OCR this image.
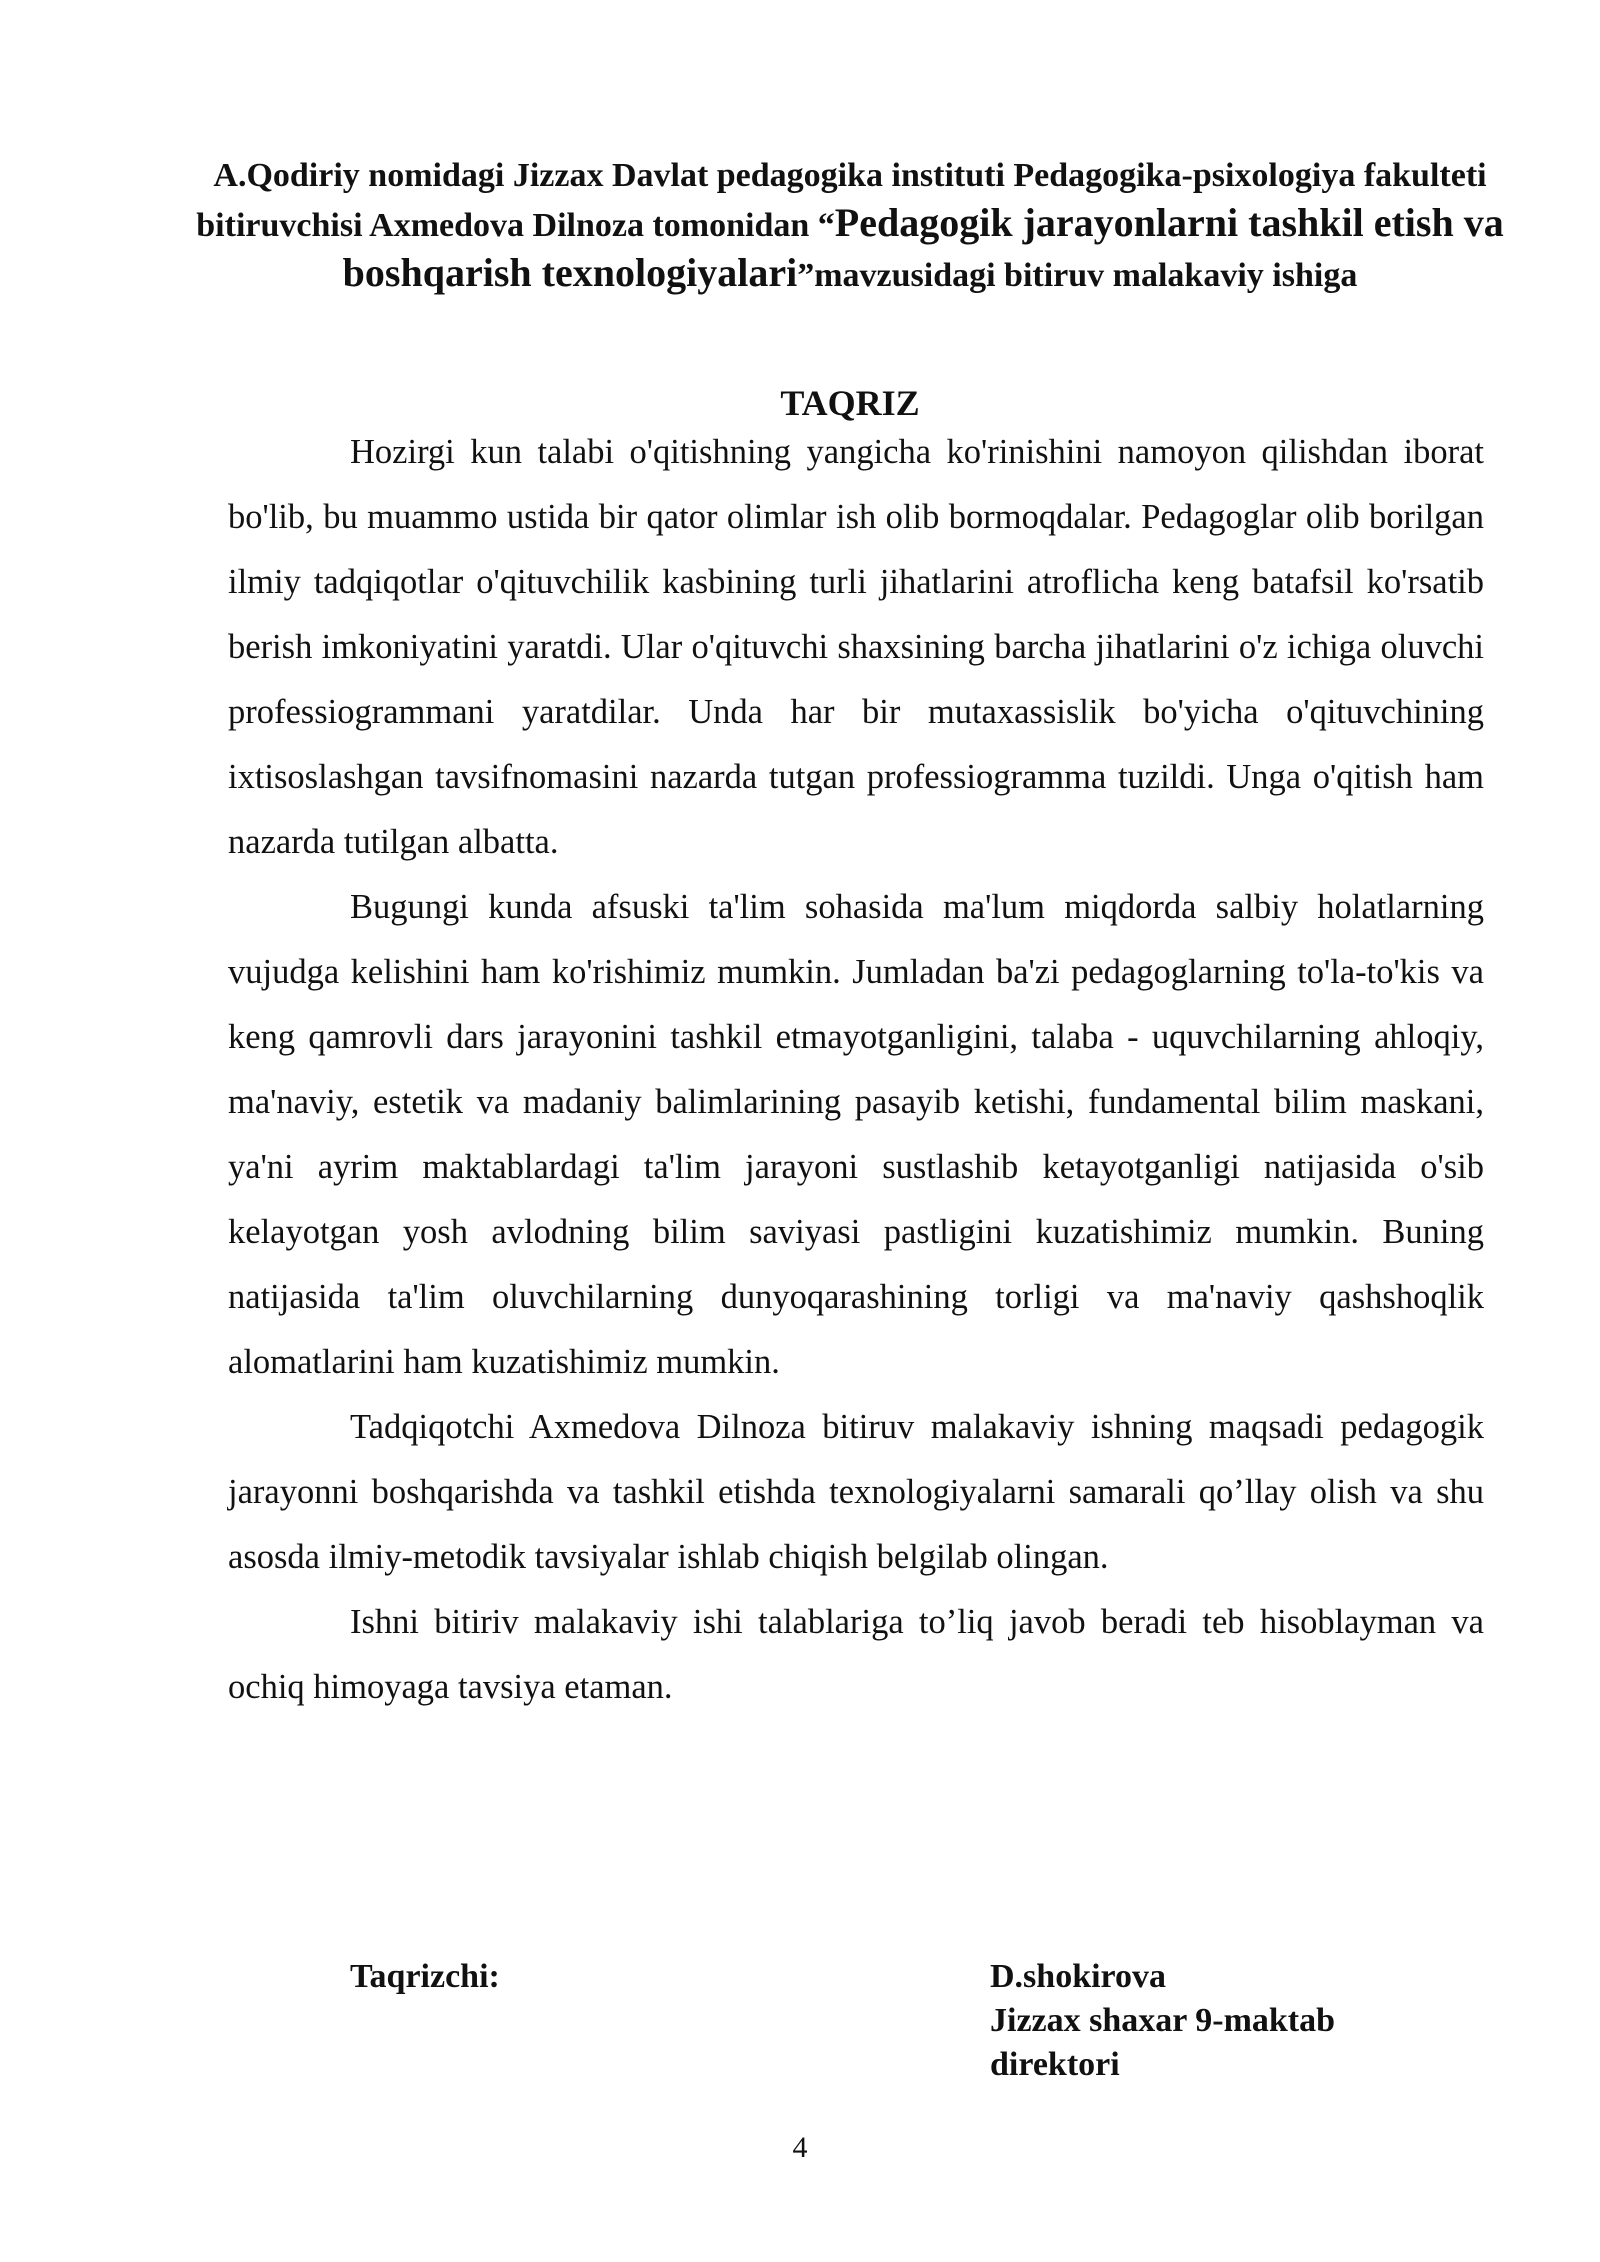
A.Qodiriy nomidagi Jizzax Davlat pedagogika instituti Pedagogika-psixologiya fakulteti bitiruvchisi Axmedova Dilnoza tomonidan “Pedagogik jarayonlarni tashkil etish va boshqarish texnologiyalari”mavzusidagi bitiruv malakaviy ishiga
TAQRIZ

Hozirgi kun talabi o'qitishning yangicha ko'rinishini namoyon qilishdan iborat bo'lib, bu muammo ustida bir qator olimlar ish olib bormoqdalar. Pedagoglar olib borilgan ilmiy tadqiqotlar o'qituvchilik kasbining turli jihatlarini atroflicha keng batafsil ko'rsatib berish imkoniyatini yaratdi. Ular o'qituvchi shaxsining barcha jihatlarini o'z ichiga oluvchi professiogrammani yaratdilar. Unda har bir mutaxassislik bo'yicha o'qituvchining ixtisoslashgan tavsifnomasini nazarda tutgan professiogramma tuzildi. Unga o'qitish ham nazarda tutilgan albatta.

Bugungi kunda afsuski ta'lim sohasida ma'lum miqdorda salbiy holatlarning vujudga kelishini ham ko'rishimiz mumkin. Jumladan ba'zi pedagoglarning to'la-to'kis va keng qamrovli dars jarayonini tashkil etmayotganligini, talaba - uquvchilarning ahloqiy, ma'naviy, estetik va madaniy balimlarining pasayib ketishi, fundamental bilim maskani, ya'ni ayrim maktablardagi ta'lim jarayoni sustlashib ketayotganligi natijasida o'sib kelayotgan yosh avlodning bilim saviyasi pastligini kuzatishimiz mumkin. Buning natijasida ta'lim oluvchilarning dunyoqarashining torligi va ma'naviy qashshoqlik alomatlarini ham kuzatishimiz mumkin.

Tadqiqotchi Axmedova Dilnoza bitiruv malakaviy ishning maqsadi pedagogik jarayonni boshqarishda va tashkil etishda texnologiyalarni samarali qo’llay olish va shu asosda ilmiy-metodik tavsiyalar ishlab chiqish belgilab olingan.

Ishni bitiriv malakaviy ishi talablariga to’liq javob beradi teb hisoblayman va ochiq himoyaga tavsiya etaman.

Taqrizchi:	D.shokirova
Jizzax shaxar 9-maktab
direktori
4
